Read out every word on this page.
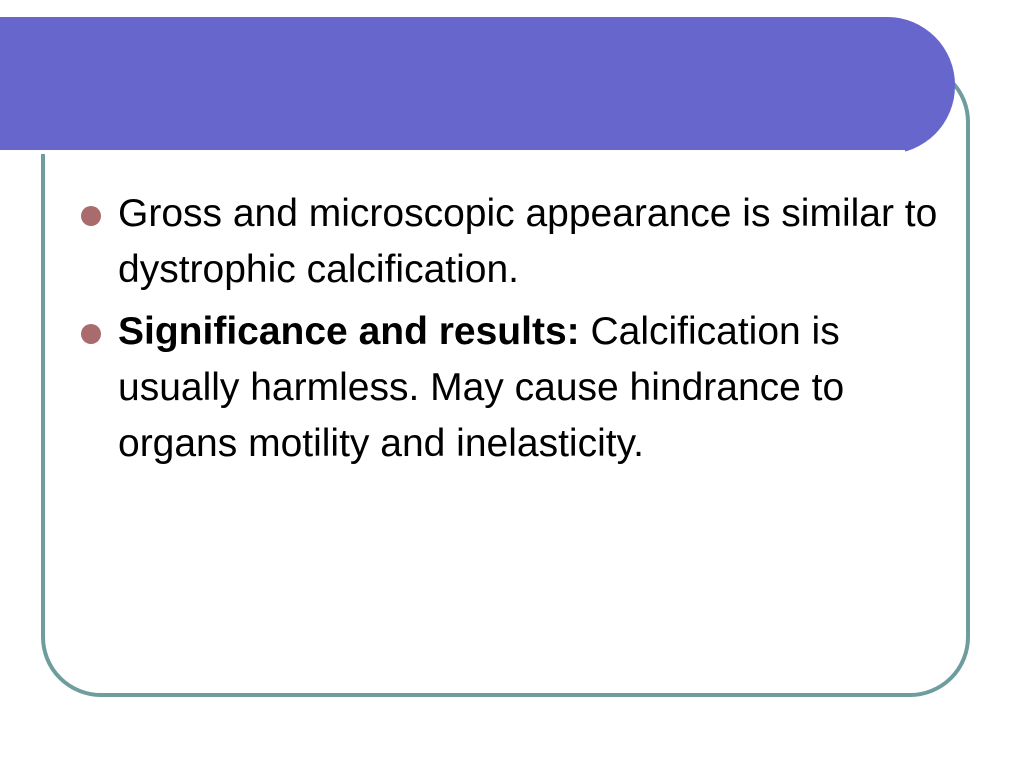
Gross and microscopic appearance is similar to dystrophic calcification.
Significance and results: Calcification is usually harmless. May cause hindrance to organs motility and inelasticity.
